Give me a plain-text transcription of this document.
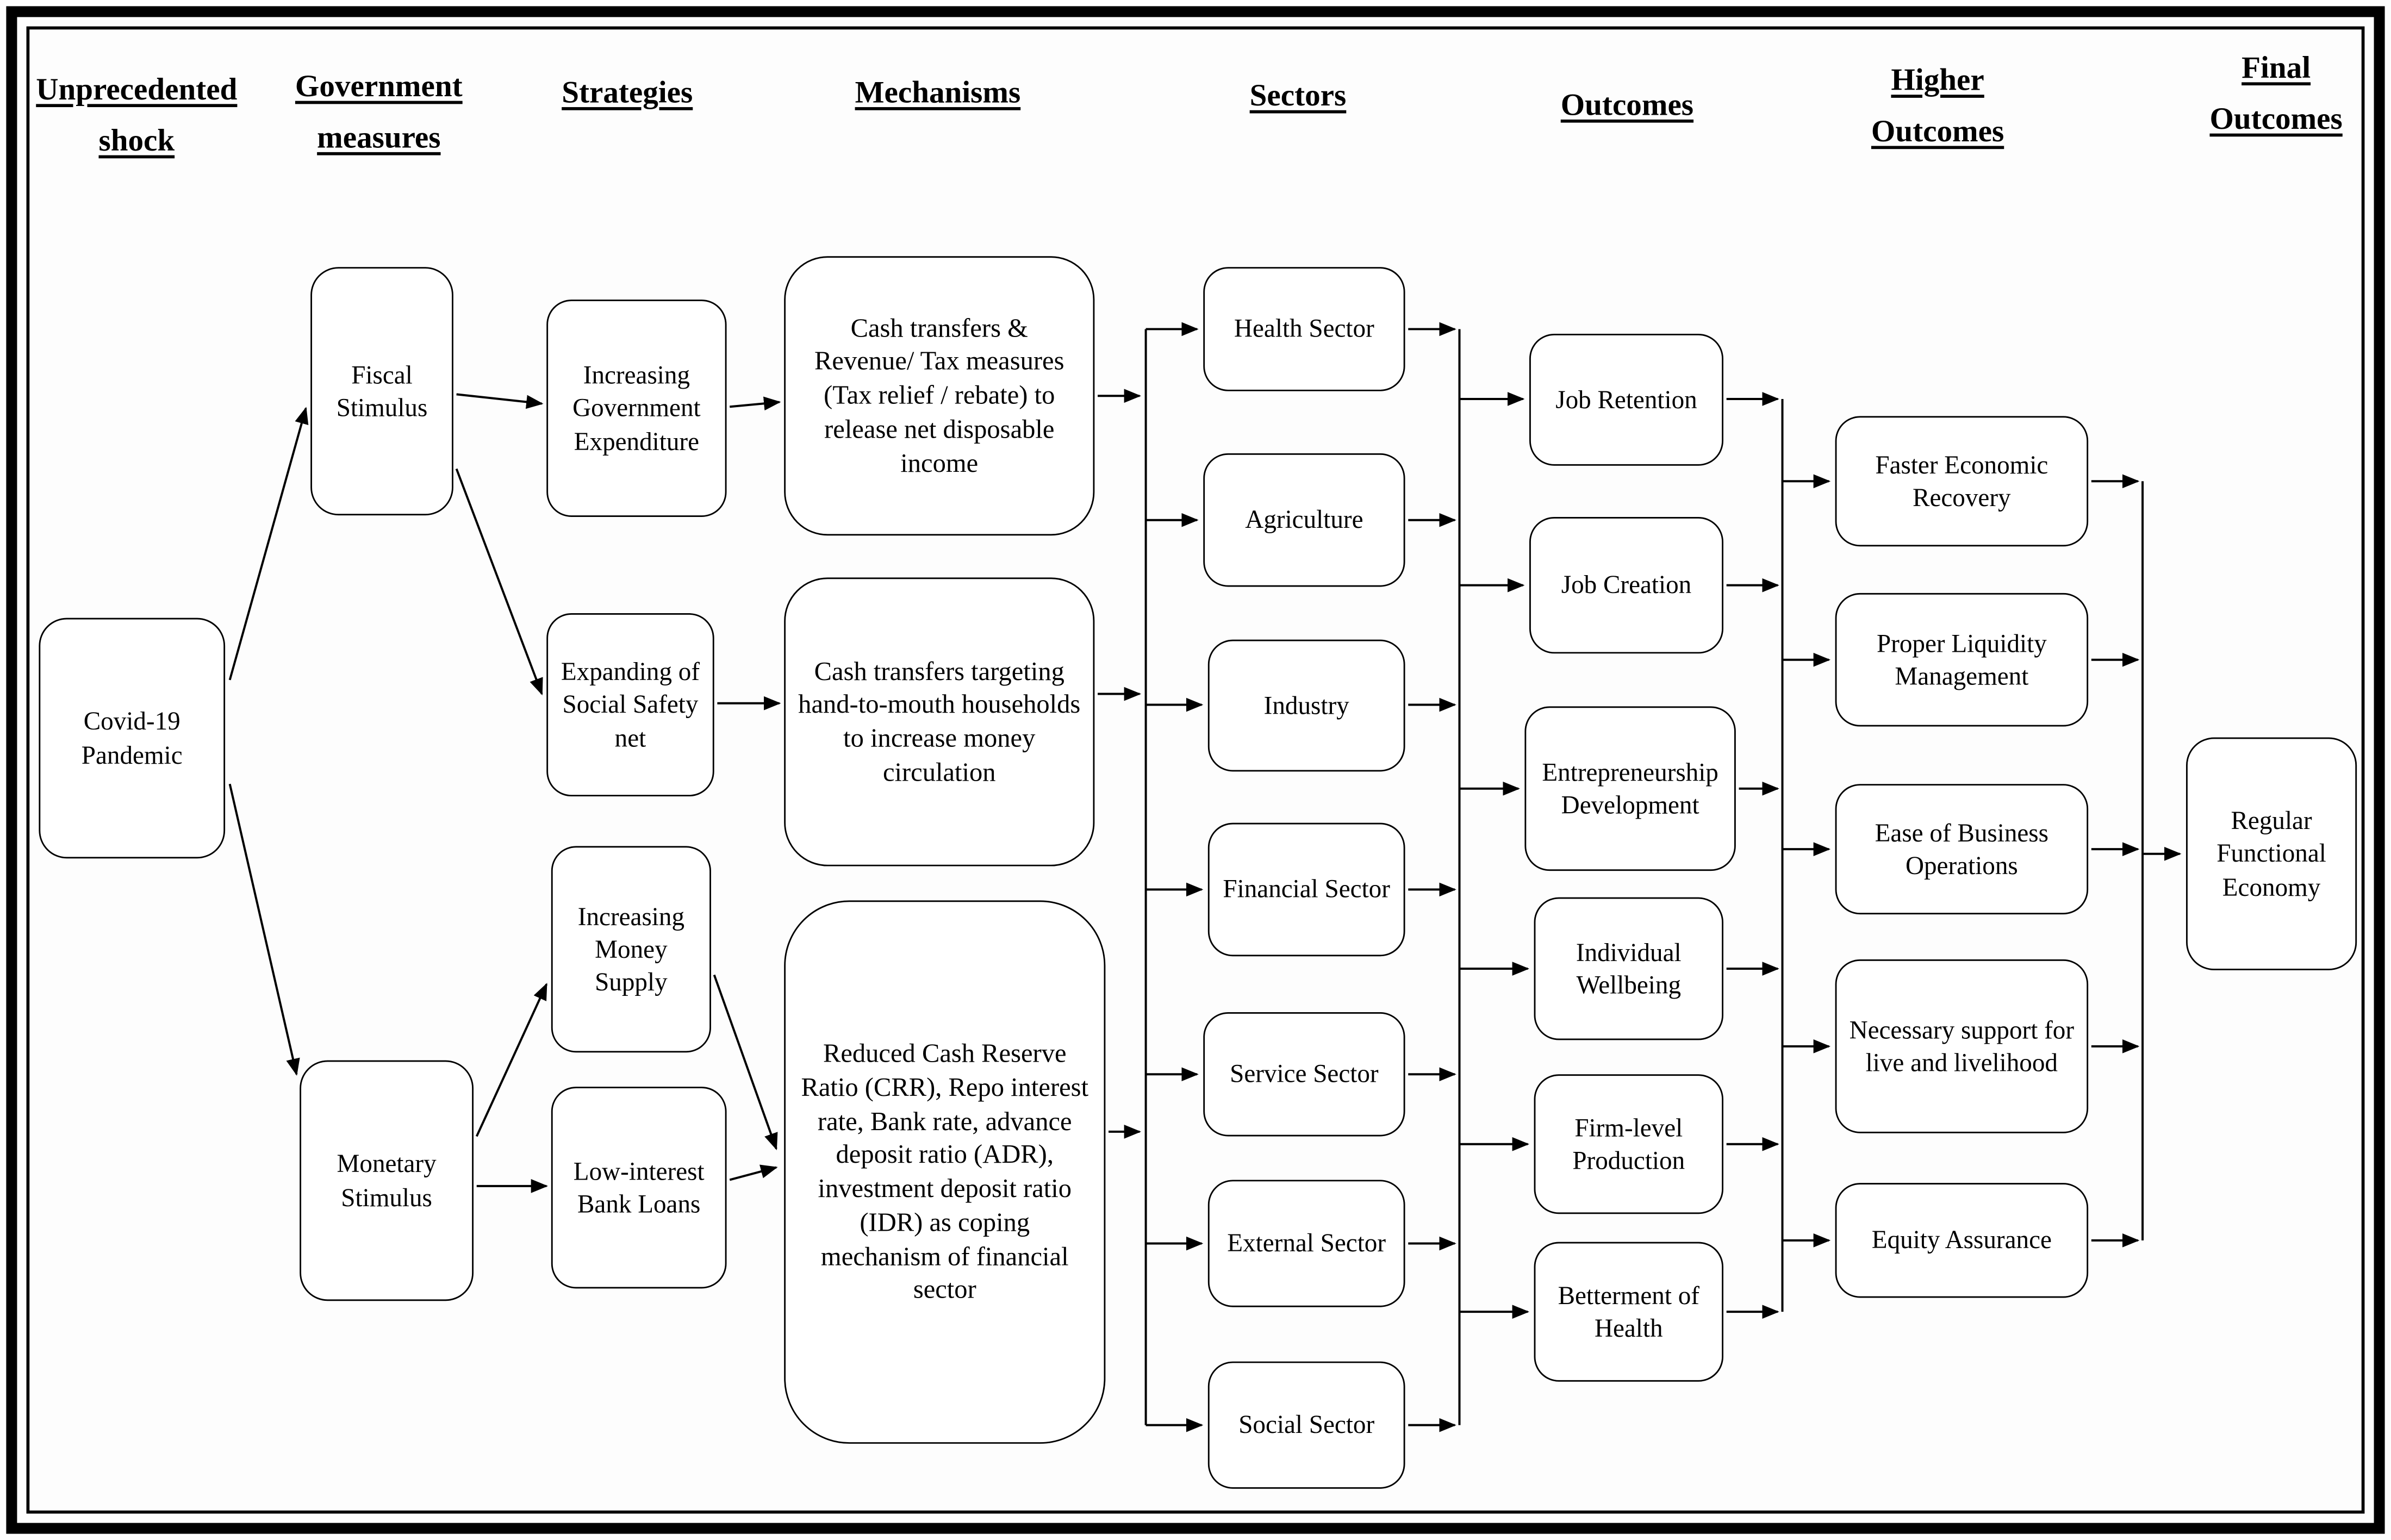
Unprecedented shock
Government measures
Strategies	Mechanisms	Sectors	Outcomes
Higher Outcomes
Final Outcomes
Covid-19 Pandemic
Fiscal Stimulus
Monetary Stimulus
Increasing Government Expenditure
Expanding of Social Safety net
Increasing Money Supply
Low-interest Bank Loans
Cash transfers & Revenue/ Tax measures (Tax relief / rebate) to release net disposable income
Cash transfers targeting hand-to-mouth households to increase money circulation
Reduced Cash Reserve Ratio (CRR), Repo interest rate, Bank rate, advance deposit ratio (ADR), investment deposit ratio (IDR) as coping mechanism of financial sector
Health Sector
Agriculture
Industry
Financial Sector
Service Sector
External Sector
Social Sector
Job Retention
Job Creation
Entrepreneurship Development
Individual Wellbeing
Firm-level Production
Betterment of Health
Faster Economic Recovery
Proper Liquidity Management
Ease of Business Operations
Necessary support for live and livelihood
Equity Assurance
Regular Functional Economy
